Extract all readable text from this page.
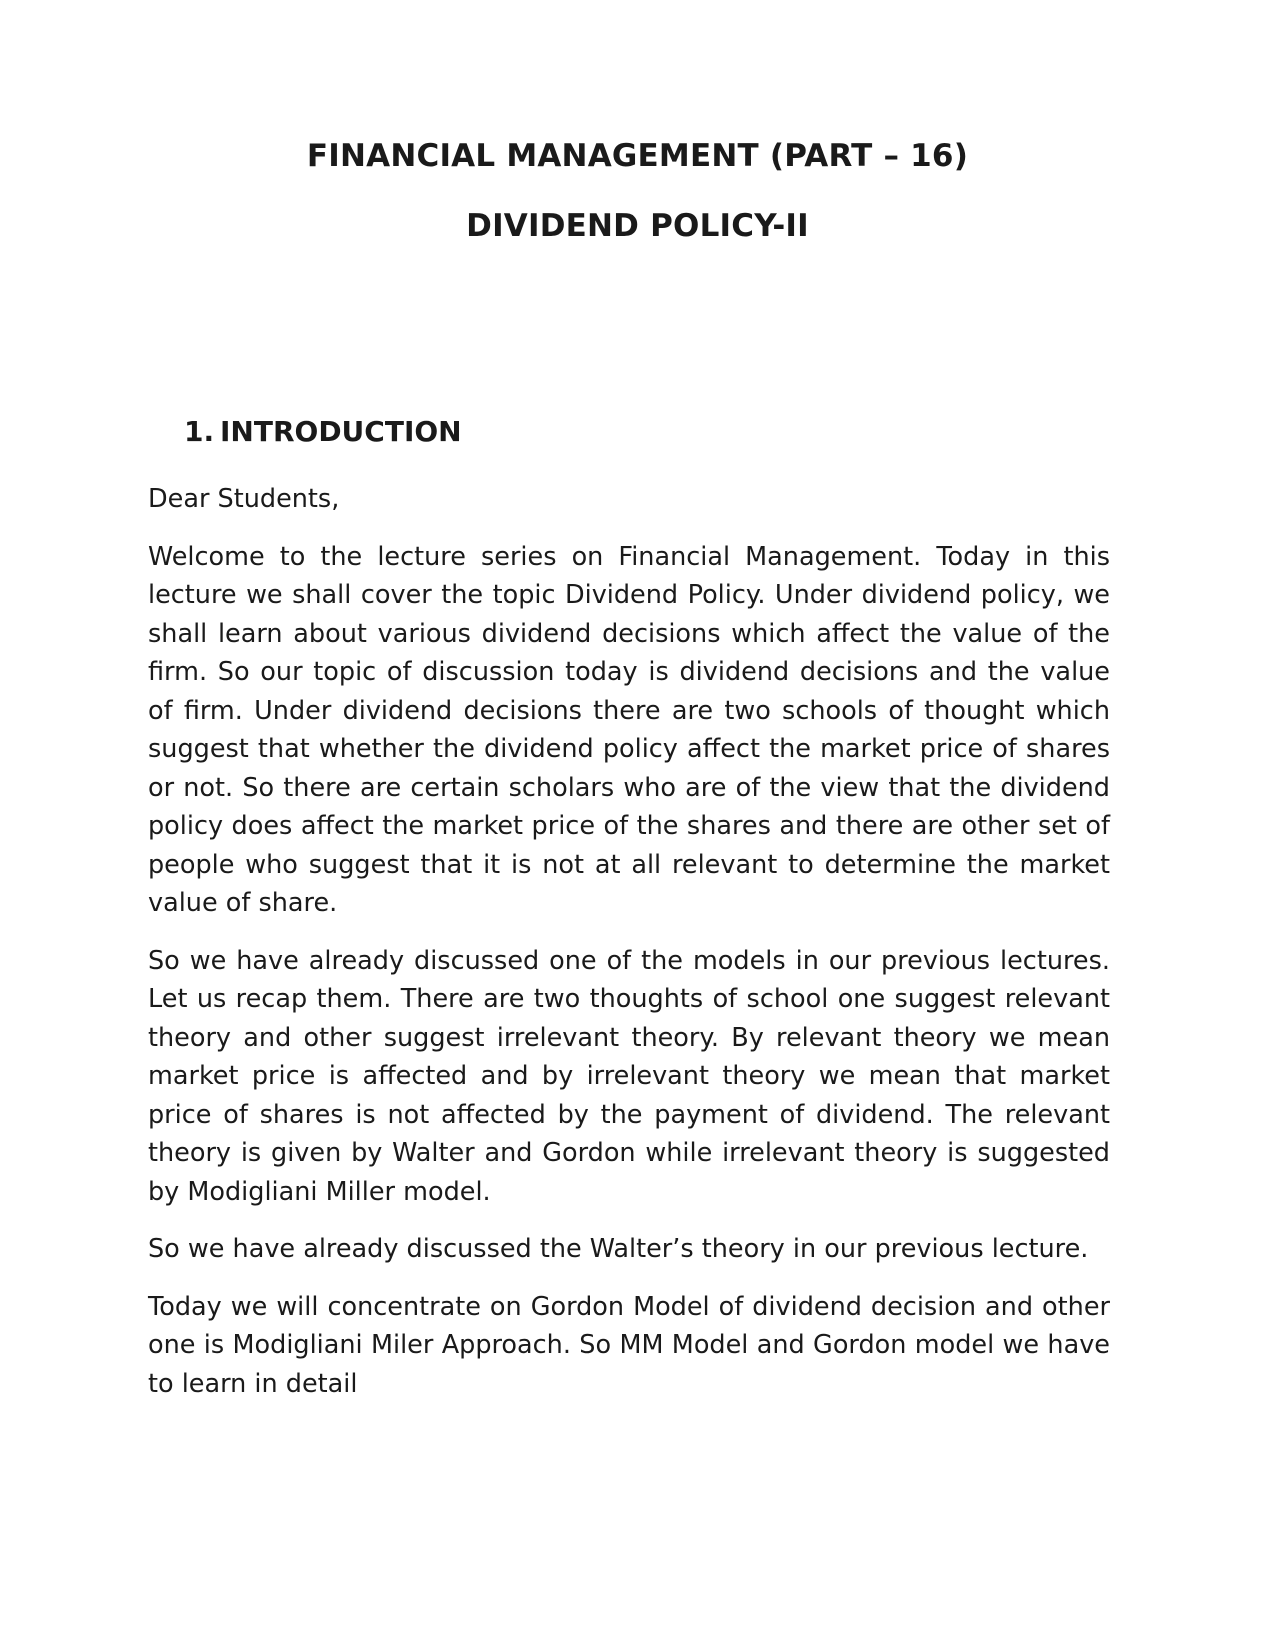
FINANCIAL MANAGEMENT (PART – 16)
DIVIDEND POLICY-II
1. INTRODUCTION

Dear Students,

Welcome to the lecture series on Financial Management. Today in this lecture we shall cover the topic Dividend Policy. Under dividend policy, we shall learn about various dividend decisions which affect the value of the firm. So our topic of discussion today is dividend decisions and the value of firm. Under dividend decisions there are two schools of thought which suggest that whether the dividend policy affect the market price of shares or not. So there are certain scholars who are of the view that the dividend policy does affect the market price of the shares and there are other set of people who suggest that it is not at all relevant to determine the market value of share.

So we have already discussed one of the models in our previous lectures. Let us recap them. There are two thoughts of school one suggest relevant theory and other suggest irrelevant theory. By relevant theory we mean market price is affected and by irrelevant theory we mean that market price of shares is not affected by the payment of dividend. The relevant theory is given by Walter and Gordon while irrelevant theory is suggested by Modigliani Miller model.

So we have already discussed the Walter’s theory in our previous lecture.

Today we will concentrate on Gordon Model of dividend decision and other one is Modigliani Miler Approach. So MM Model and Gordon model we have to learn in detail
